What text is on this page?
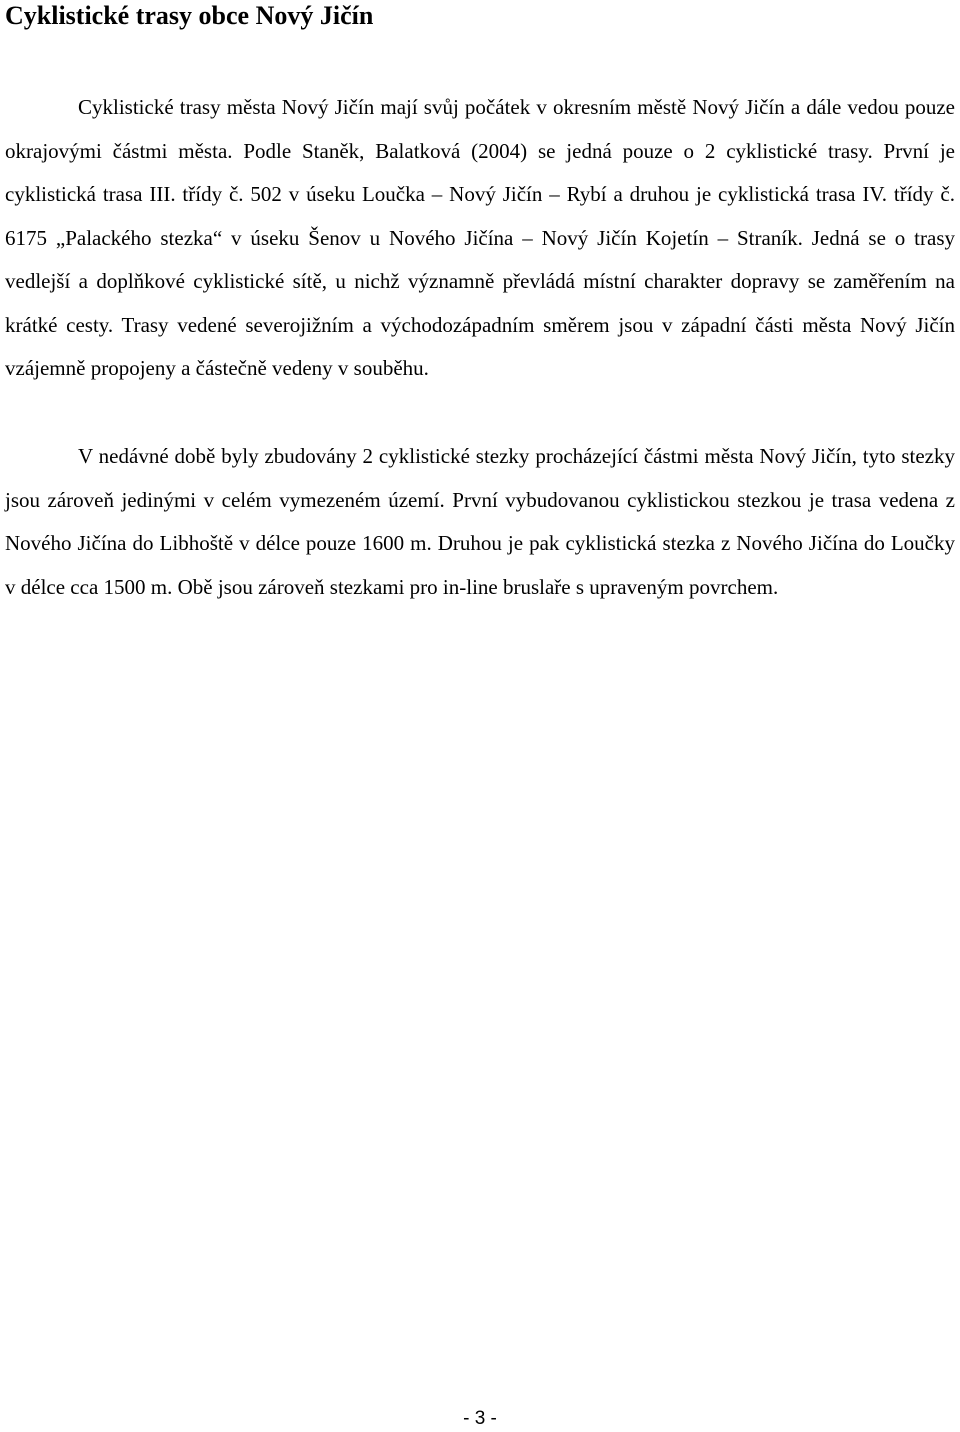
Cyklistické trasy obce Nový Jičín

Cyklistické trasy města Nový Jičín mají svůj počátek v okresním městě Nový Jičín a dále vedou pouze okrajovými částmi města. Podle Staněk, Balatková (2004) se jedná pouze o 2 cyklistické trasy. První je cyklistická trasa III. třídy č. 502 v úseku Loučka – Nový Jičín – Rybí a druhou je cyklistická trasa IV. třídy č. 6175 „Palackého stezka“ v úseku Šenov u Nového Jičína – Nový Jičín Kojetín – Straník. Jedná se o trasy vedlejší a doplňkové cyklistické sítě, u nichž významně převládá místní charakter dopravy se zaměřením na krátké cesty. Trasy vedené severojižním a východozápadním směrem jsou v západní části města Nový Jičín vzájemně propojeny a částečně vedeny v souběhu.

V nedávné době byly zbudovány 2 cyklistické stezky procházející částmi města Nový Jičín, tyto stezky jsou zároveň jedinými v celém vymezeném území. První vybudovanou cyklistickou stezkou je trasa vedena z Nového Jičína do Libhoště v délce pouze 1600 m. Druhou je pak cyklistická stezka z Nového Jičína do Loučky v délce cca 1500 m. Obě jsou zároveň stezkami pro in-line bruslaře s upraveným povrchem.

- 3 -
